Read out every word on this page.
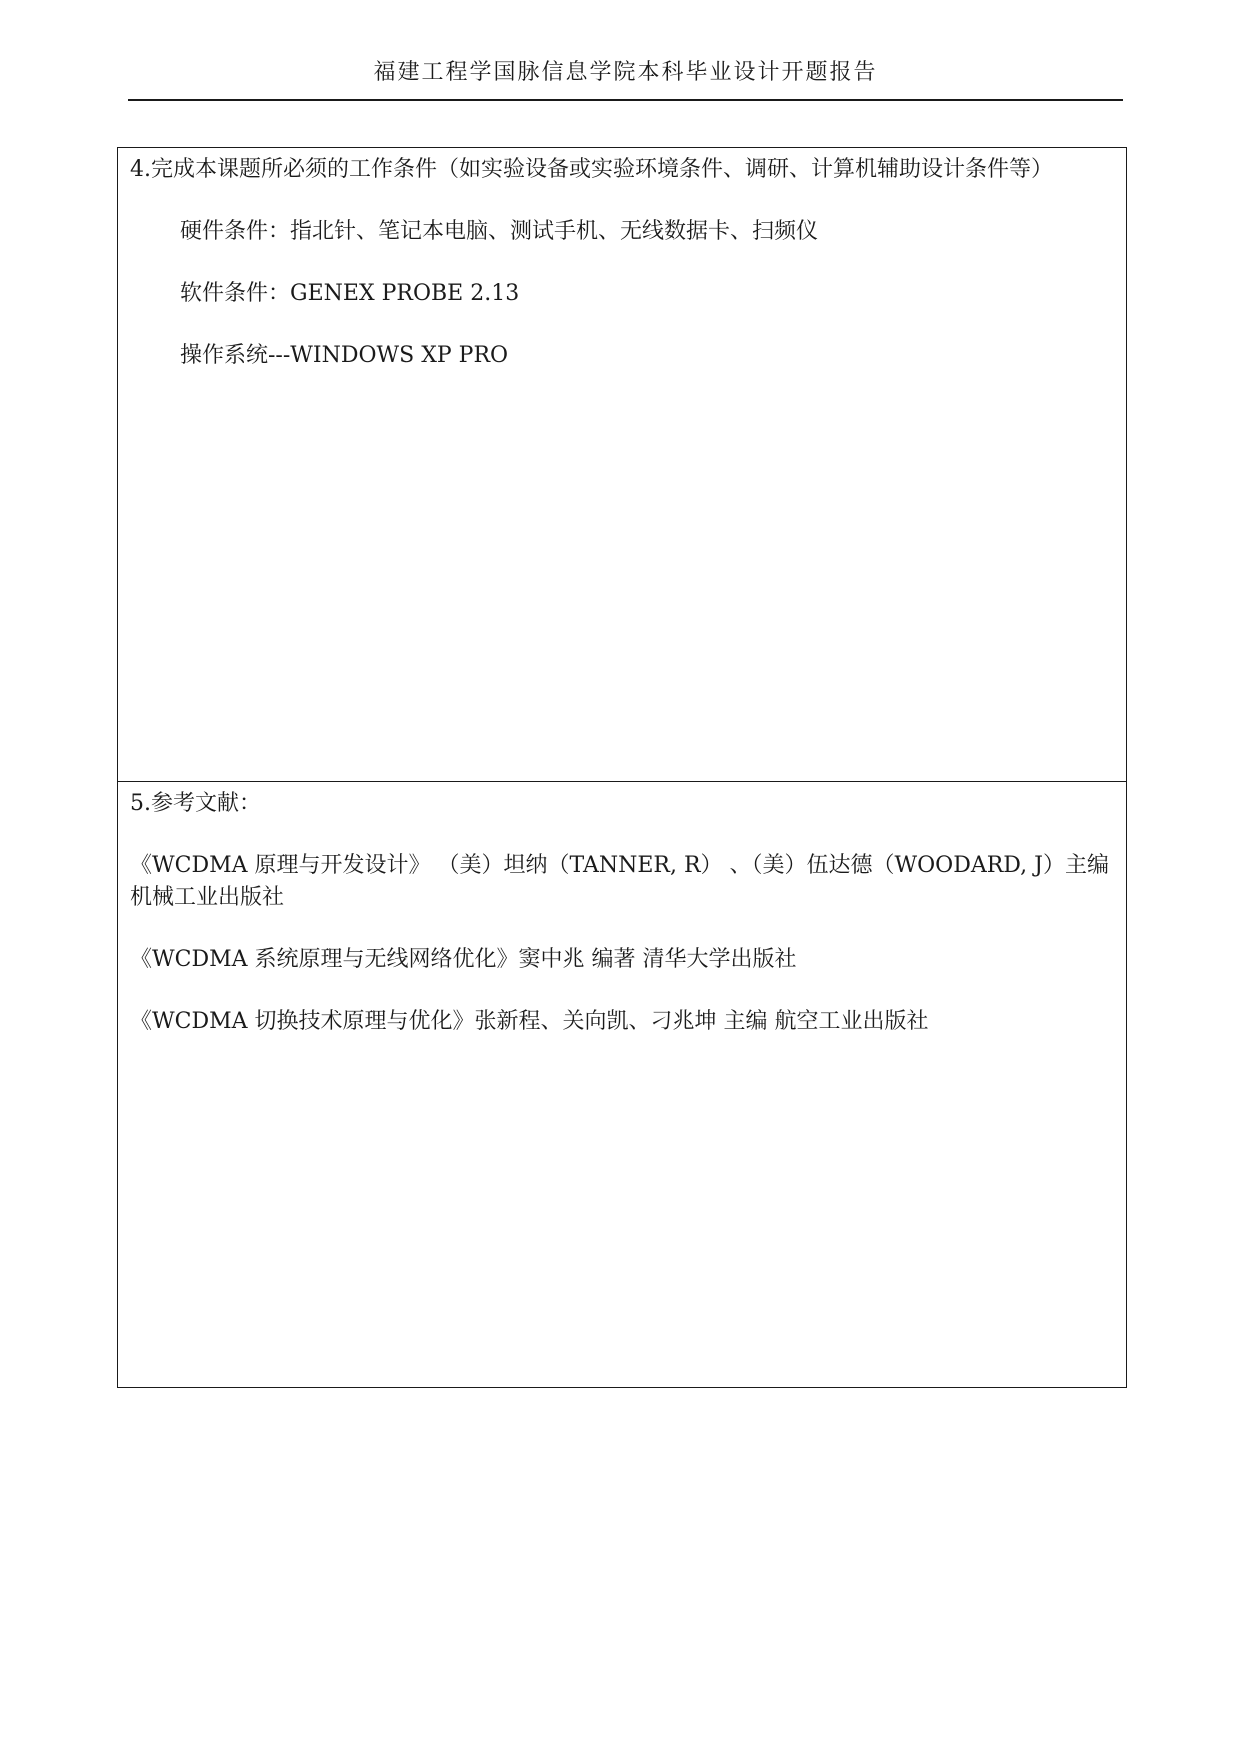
福建工程学国脉信息学院本科毕业设计开题报告

4.完成本课题所必须的工作条件（如实验设备或实验环境条件、调研、计算机辅助设计条件等）

硬件条件：指北针、笔记本电脑、测试手机、无线数据卡、扫频仪

软件条件：GENEX PROBE 2.13

操作系统---WINDOWS XP PRO

5.参考文献：

《WCDMA 原理与开发设计》 （美）坦纳（TANNER, R） 、（美）伍达德（WOODARD, J）主编 机械工业出版社

《WCDMA 系统原理与无线网络优化》窦中兆 编著 清华大学出版社

《WCDMA 切换技术原理与优化》张新程、关向凯、刁兆坤 主编 航空工业出版社
